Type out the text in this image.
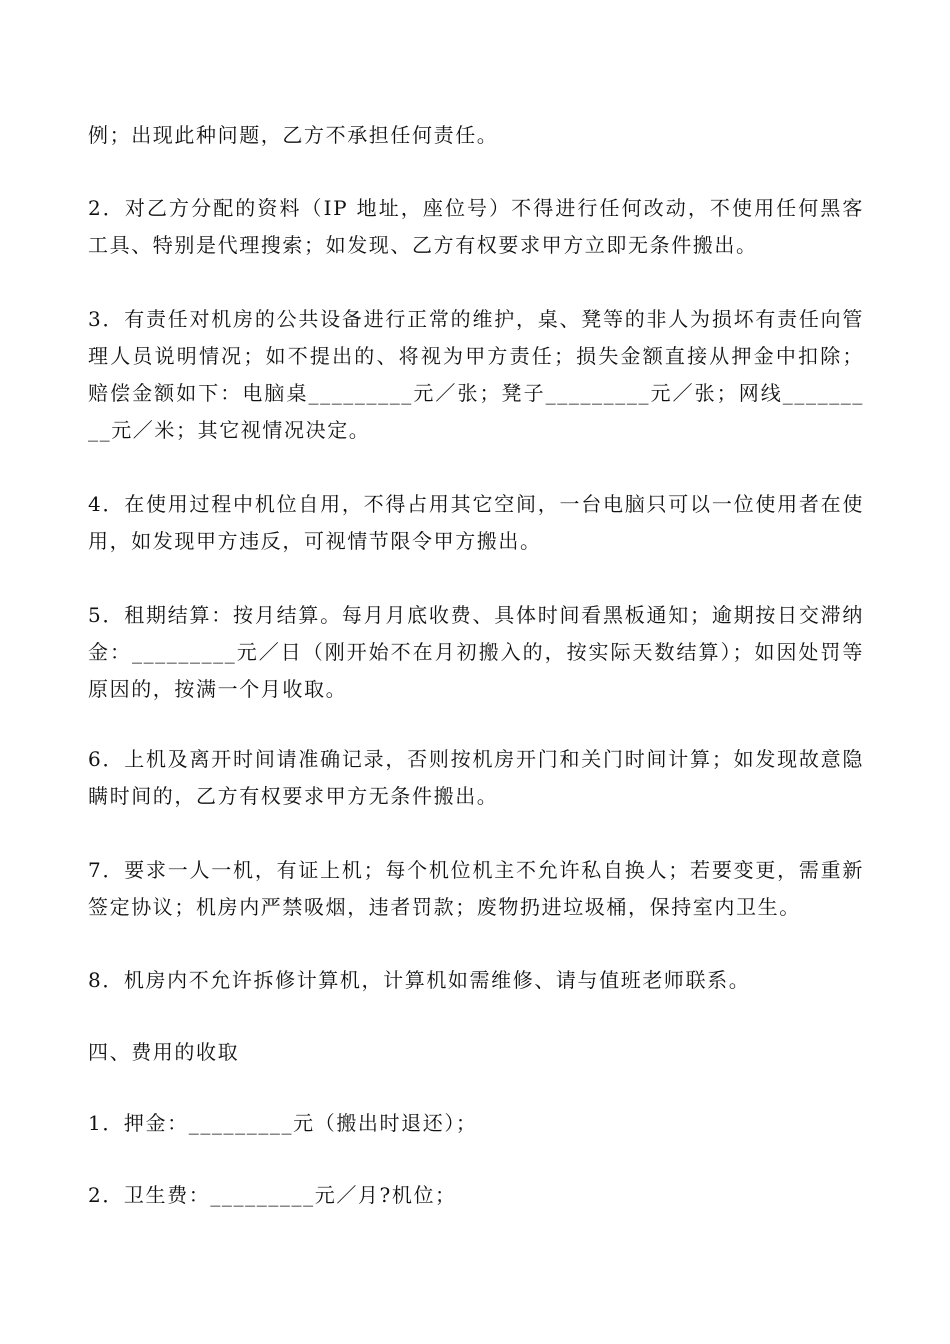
例；出现此种问题，乙方不承担任何责任。

2．对乙方分配的资料（IP 地址，座位号）不得进行任何改动，不使用任何黑客工具、特别是代理搜索；如发现、乙方有权要求甲方立即无条件搬出。

3．有责任对机房的公共设备进行正常的维护，桌、凳等的非人为损坏有责任向管理人员说明情况；如不提出的、将视为甲方责任；损失金额直接从押金中扣除；赔偿金额如下：电脑桌_________元／张；凳子_________元／张；网线_________元／米；其它视情况决定。

4．在使用过程中机位自用，不得占用其它空间，一台电脑只可以一位使用者在使用，如发现甲方违反，可视情节限令甲方搬出。

5．租期结算：按月结算。每月月底收费、具体时间看黑板通知；逾期按日交滞纳金：_________元／日（刚开始不在月初搬入的，按实际天数结算）；如因处罚等原因的，按满一个月收取。

6．上机及离开时间请准确记录，否则按机房开门和关门时间计算；如发现故意隐瞒时间的，乙方有权要求甲方无条件搬出。

7．要求一人一机，有证上机；每个机位机主不允许私自换人；若要变更，需重新签定协议；机房内严禁吸烟，违者罚款；废物扔进垃圾桶，保持室内卫生。

8．机房内不允许拆修计算机，计算机如需维修、请与值班老师联系。

四、费用的收取

1．押金：_________元（搬出时退还）；

2．卫生费：_________元／月?机位；
